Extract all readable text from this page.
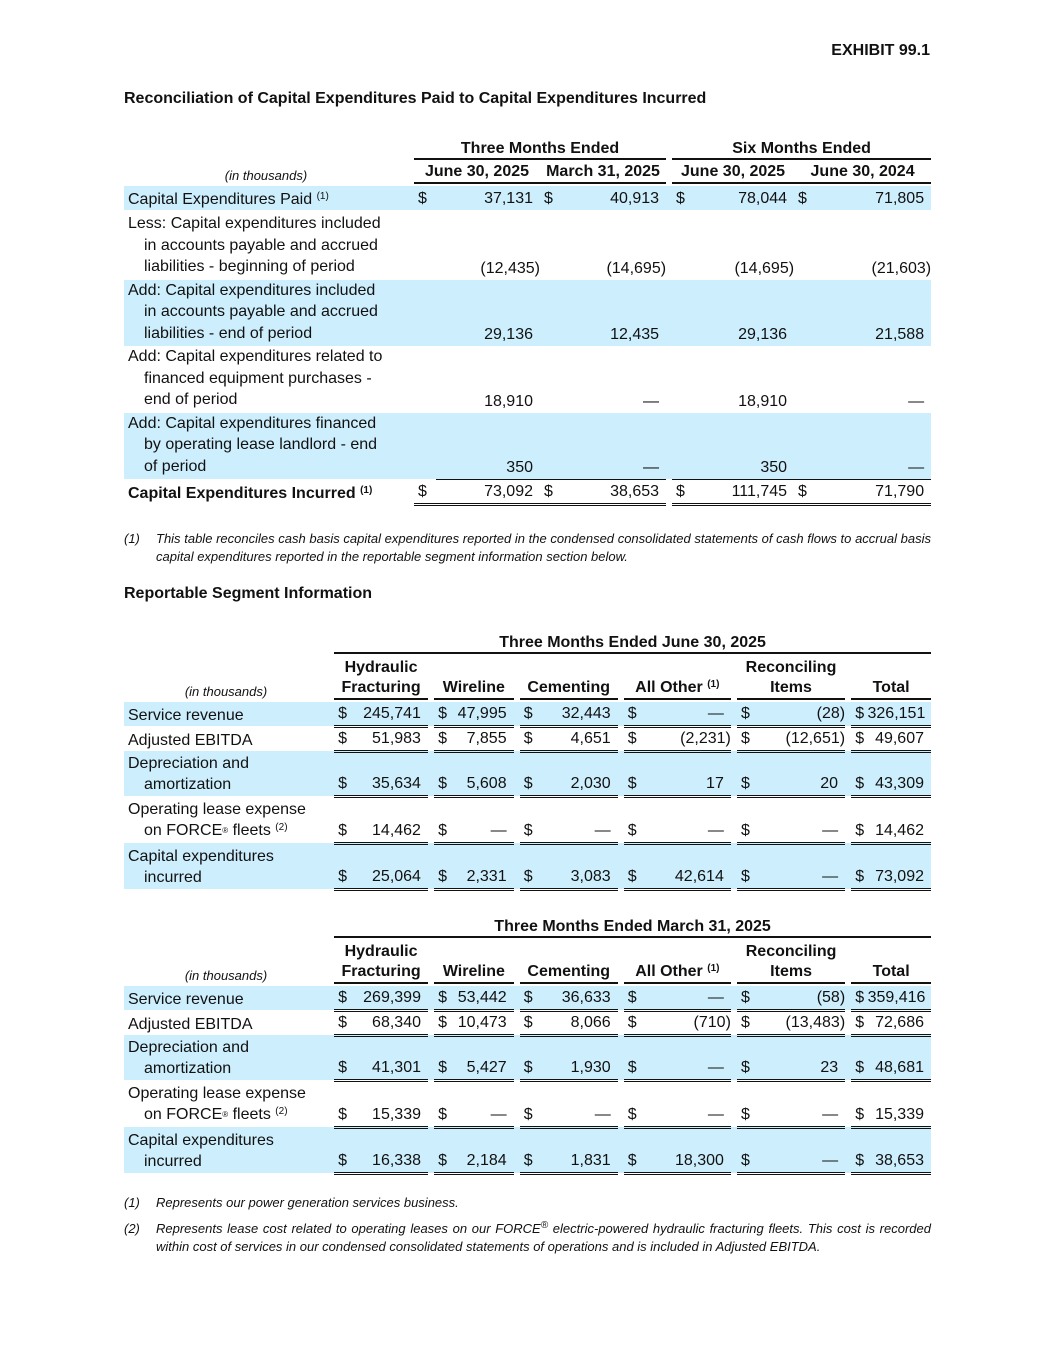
EXHIBIT 99.1
Reconciliation of Capital Expenditures Paid to Capital Expenditures Incurred

		Three Months Ended					Six Months Ended			

(in thousands)		June 30, 2025		March 31, 2025			June 30, 2025		June 30, 2024	

Capital Expenditures Paid $^{(1)}$		$	37,131	$	40,913		$	78,044	$	71,805

Less: Capital expenditures included
in accounts payable and accrued
liabilities - beginning of period			(12,435)		(14,695)			(14,695)		(21,603)

Add: Capital expenditures included
in accounts payable and accrued
liabilities - end of period			29,136		12,435			29,136		21,588

Add: Capital expenditures related to
financed equipment purchases -
end of period			18,910		—			18,910		—

Add: Capital expenditures financed
by operating lease landlord - end
of period			350		—			350		—
Capital Expenditures Incurred $^{(1)}$		$	73,092	$	38,653		$	111,745	$	71,790
(1) This table reconciles cash basis capital expenditures reported in the condensed consolidated statements of cash flows to accrual basis capital expenditures reported in the reportable segment information section below.
Reportable Segment Information

		Three Months Ended June 30, 2025																

(in thousands)		Hydraulic
Fracturing			Wireline			Cementing			All Other $^{(1)}$			Reconciling
Items			Total	

Service revenue		$	245,741		$	47,995		$	32,443		$	—		$	(28)		$	326,151
Adjusted EBITDA		$	51,983		$	7,855		$	4,651		$	(2,231)		$	(12,651)		$	49,607

Depreciation and
amortization		$	35,634		$	5,608		$	2,030		$	17		$	20		$	43,309

Operating lease expense
on FORCE® fleets $^{(2)}$		$	14,462		$	—		$	—		$	—		$	—		$	14,462

Capital expenditures
incurred		$	25,064		$	2,331		$	3,083		$	42,614		$	—		$	73,092

		Three Months Ended March 31, 2025																

(in thousands)		Hydraulic
Fracturing			Wireline			Cementing			All Other $^{(1)}$			Reconciling
Items			Total	

Service revenue		$	269,399		$	53,442		$	36,633		$	—		$	(58)		$	359,416
Adjusted EBITDA		$	68,340		$	10,473		$	8,066		$	(710)		$	(13,483)		$	72,686

Depreciation and
amortization		$	41,301		$	5,427		$	1,930		$	—		$	23		$	48,681

Operating lease expense
on FORCE® fleets $^{(2)}$		$	15,339		$	—		$	—		$	—		$	—		$	15,339

Capital expenditures
incurred		$	16,338		$	2,184		$	1,831		$	18,300		$	—		$	38,653
(1) Represents our power generation services business.
(2) Represents lease cost related to operating leases on our FORCE® electric-powered hydraulic fracturing fleets. This cost is recorded within cost of services in our condensed consolidated statements of operations and is included in Adjusted EBITDA.
